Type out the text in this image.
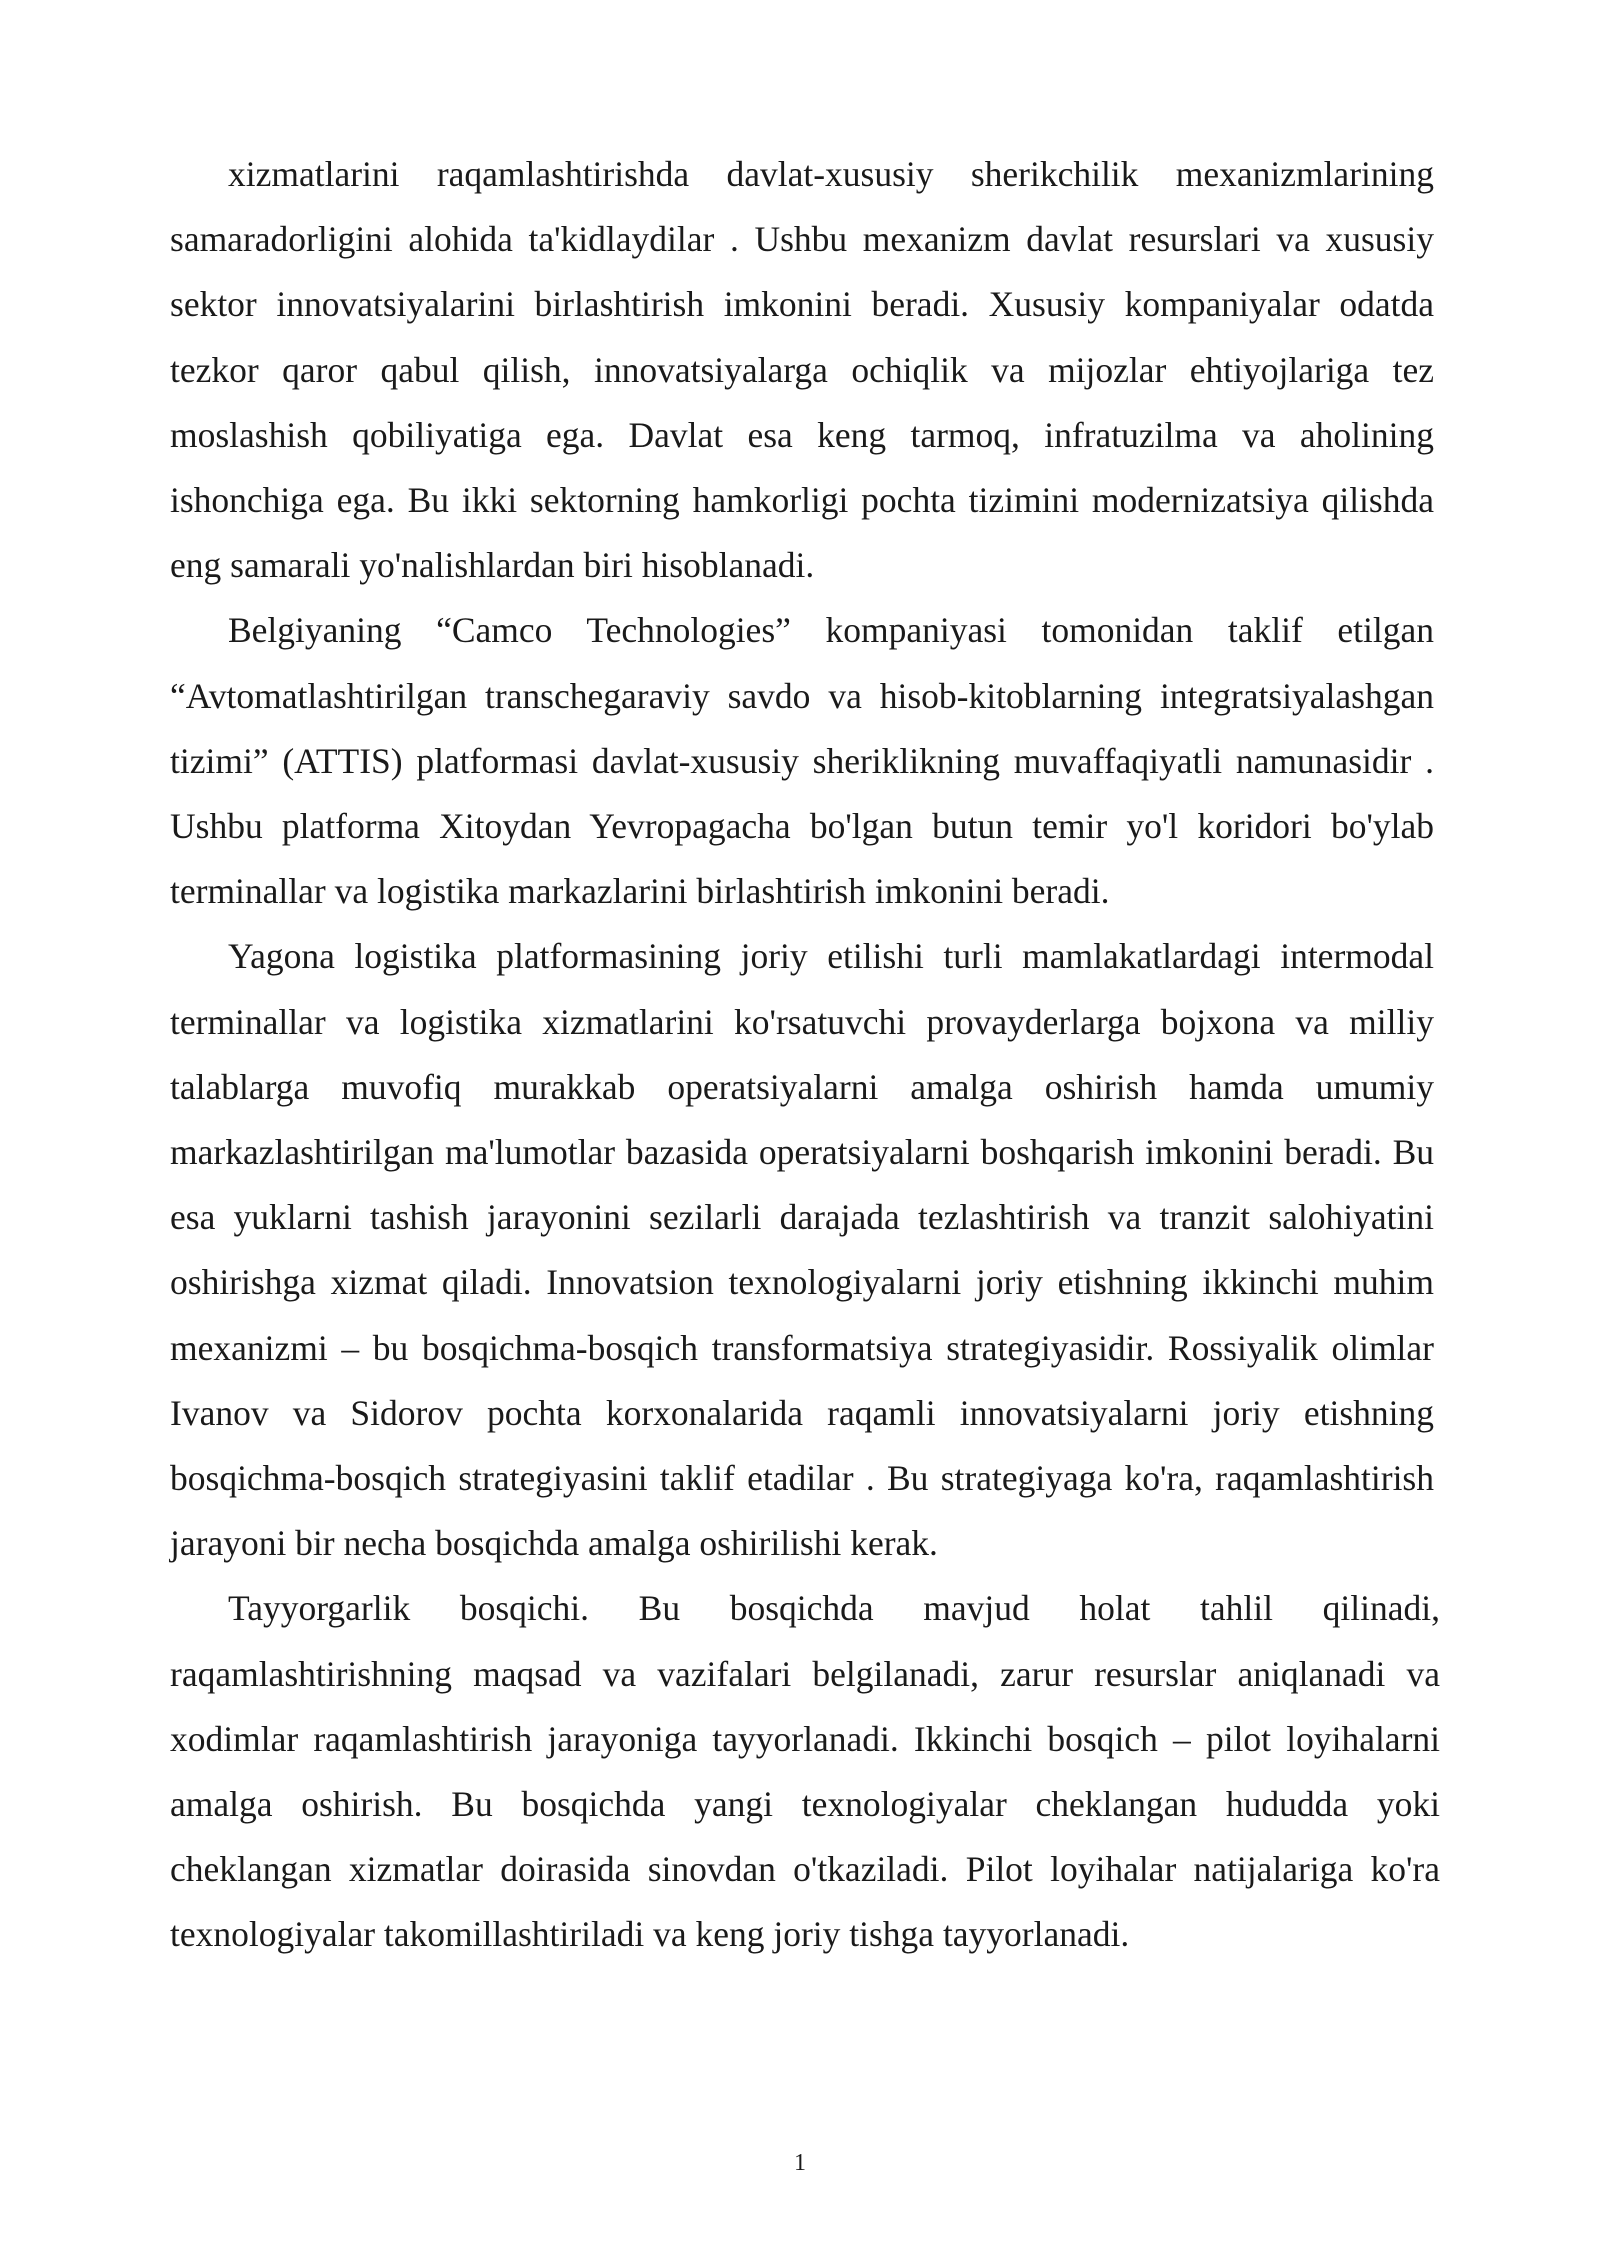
xizmatlarini raqamlashtirishda davlat-xususiy sherikchilik mexanizmlarining samaradorligini alohida ta'kidlaydilar . Ushbu mexanizm davlat resurslari va xususiy sektor innovatsiyalarini birlashtirish imkonini beradi. Xususiy kompaniyalar odatda tezkor qaror qabul qilish, innovatsiyalarga ochiqlik va mijozlar ehtiyojlariga tez moslashish qobiliyatiga ega. Davlat esa keng tarmoq, infratuzilma va aholining ishonchiga ega. Bu ikki sektorning hamkorligi pochta tizimini modernizatsiya qilishda eng samarali yo'nalishlardan biri hisoblanadi.

Belgiyaning “Camco Technologies” kompaniyasi tomonidan taklif etilgan “Avtomatlashtirilgan transchegaraviy savdo va hisob-kitoblarning integratsiyalashgan tizimi” (ATTIS) platformasi davlat-xususiy sheriklikning muvaffaqiyatli namunasidir . Ushbu platforma Xitoydan Yevropagacha bo'lgan butun temir yo'l koridori bo'ylab terminallar va logistika markazlarini birlashtirish imkonini beradi.

Yagona logistika platformasining joriy etilishi turli mamlakatlardagi intermodal terminallar va logistika xizmatlarini ko'rsatuvchi provayderlarga bojxona va milliy talablarga muvofiq murakkab operatsiyalarni amalga oshirish hamda umumiy markazlashtirilgan ma'lumotlar bazasida operatsiyalarni boshqarish imkonini beradi. Bu esa yuklarni tashish jarayonini sezilarli darajada tezlashtirish va tranzit salohiyatini oshirishga xizmat qiladi. Innovatsion texnologiyalarni joriy etishning ikkinchi muhim mexanizmi – bu bosqichma-bosqich transformatsiya strategiyasidir. Rossiyalik olimlar Ivanov va Sidorov pochta korxonalarida raqamli innovatsiyalarni joriy etishning bosqichma-bosqich strategiyasini taklif etadilar . Bu strategiyaga ko'ra, raqamlashtirish jarayoni bir necha bosqichda amalga oshirilishi kerak.

Tayyorgarlik bosqichi. Bu bosqichda mavjud holat tahlil qilinadi, raqamlashtirishning maqsad va vazifalari belgilanadi, zarur resurslar aniqlanadi va xodimlar raqamlashtirish jarayoniga tayyorlanadi. Ikkinchi bosqich – pilot loyihalarni amalga oshirish. Bu bosqichda yangi texnologiyalar cheklangan hududda yoki cheklangan xizmatlar doirasida sinovdan o'tkaziladi. Pilot loyihalar natijalariga ko'ra texnologiyalar takomillashtiriladi va keng joriy tishga tayyorlanadi.

1
